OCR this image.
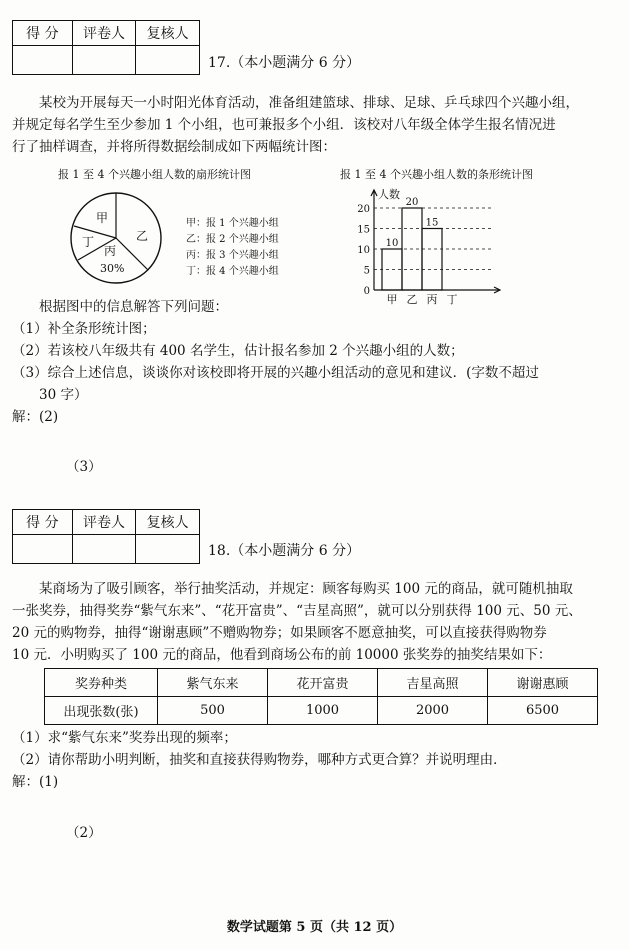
得 分	评卷人	复核人

17.（本小题满分 6 分）
某校为开展每天一小时阳光体育活动，准备组建篮球、排球、足球、乒乓球四个兴趣小组，
并规定每名学生至少参加 1 个小组，也可兼报多个小组．该校对八年级全体学生报名情况进
行了抽样调查，并将所得数据绘制成如下两幅统计图：
报 1 至 4 个兴趣小组人数的扇形统计图	报 1 至 4 个兴趣小组人数的条形统计图
甲
乙
丙
30%
丁
甲：报 1 个兴趣小组
乙：报 2 个兴趣小组
丙：报 3 个兴趣小组
丁：报 4 个兴趣小组
0
5
10
15
20
人数
10
甲
20
乙
15
丙 丁
根据图中的信息解答下列问题：
（1）补全条形统计图；
（2）若该校八年级共有 400 名学生，估计报名参加 2 个兴趣小组的人数；
（3）综合上述信息，谈谈你对该校即将开展的兴趣小组活动的意见和建议．(字数不超过
30 字）
解：(2)
（3）
得 分	评卷人	复核人

18.（本小题满分 6 分）
某商场为了吸引顾客，举行抽奖活动，并规定：顾客每购买 100 元的商品，就可随机抽取
一张奖券，抽得奖券“紫气东来”、“花开富贵”、“吉星高照”，就可以分别获得 100 元、50 元、
20 元的购物券，抽得“谢谢惠顾”不赠购物券；如果顾客不愿意抽奖，可以直接获得购物券
10 元．小明购买了 100 元的商品，他看到商场公布的前 10000 张奖券的抽奖结果如下：
奖券种类	紫气东来	花开富贵	吉星高照	谢谢惠顾
出现张数(张)	500	1000	2000	6500
（1）求“紫气东来”奖券出现的频率；
（2）请你帮助小明判断，抽奖和直接获得购物券，哪种方式更合算？并说明理由．
解：(1)
（2）
数学试题第 5 页（共 12 页）
